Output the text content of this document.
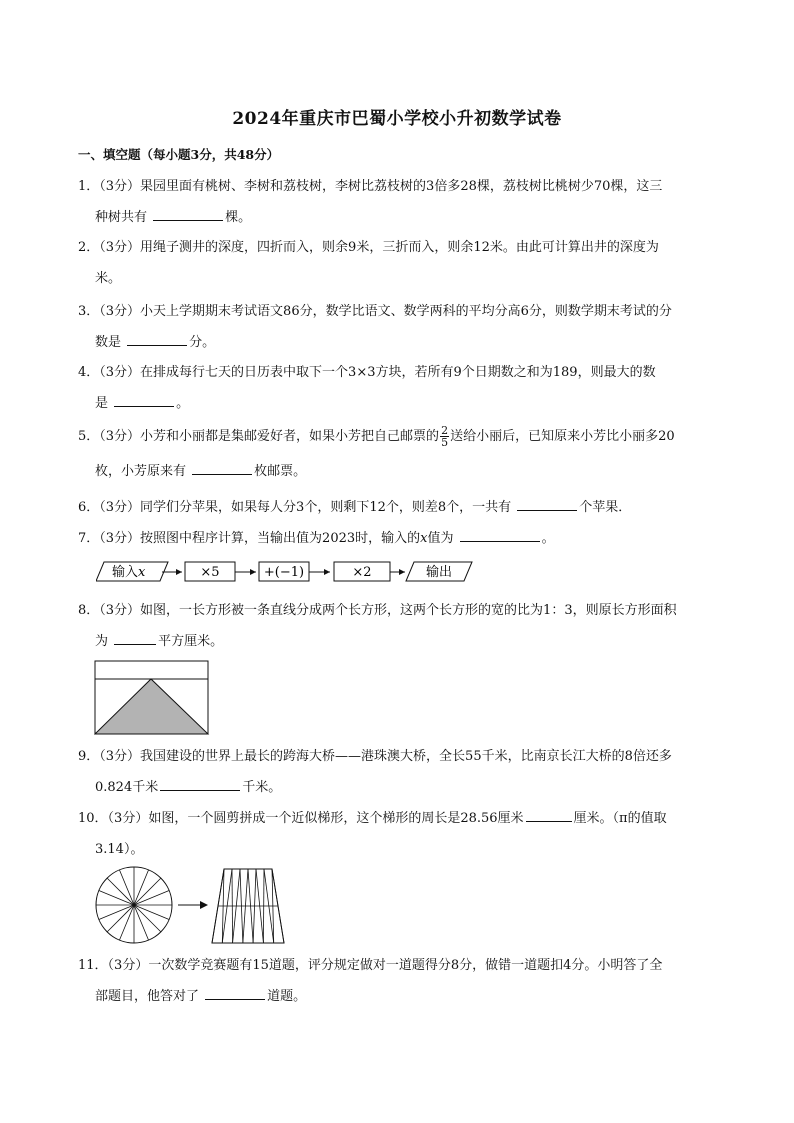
2024年重庆市巴蜀小学校小升初数学试卷
一、填空题（每小题3分，共48分）
1．（3分）果园里面有桃树、李树和荔枝树，李树比荔枝树的3倍多28棵，荔枝树比桃树少70棵，这三
种树共有	棵。
2．（3分）用绳子测井的深度，四折而入，则余9米，三折而入，则余12米。由此可计算出井的深度为
米。
3．（3分）小天上学期期末考试语文86分，数学比语文、数学两科的平均分高6分，则数学期末考试的分
数是	分。
4．（3分）在排成每行七天的日历表中取下一个3×3方块，若所有9个日期数之和为189，则最大的数
是	。
5．（3分）小芳和小丽都是集邮爱好者，如果小芳把自己邮票的 $\frac{2}{5}$ 送给小丽后，已知原来小芳比小丽多20
枚，小芳原来有	枚邮票。
6．（3分）同学们分苹果，如果每人分3个，则剩下12个，则差8个，一共有	个苹果．
7．（3分）按照图中程序计算，当输出值为2023时，输入的x值为	。
输入x	×5	+(−1)	×2	输出
8．（3分）如图，一长方形被一条直线分成两个长方形，这两个长方形的宽的比为1：3，则原长方形面积
为	平方厘米。
9．（3分）我国建设的世界上最长的跨海大桥——港珠澳大桥，全长55千米，比南京长江大桥的8倍还多
0.824千米	千米。
10．（3分）如图，一个圆剪拼成一个近似梯形，这个梯形的周长是28.56厘米	厘米。（π的值取
3.14）。
11．（3分）一次数学竞赛题有15道题，评分规定做对一道题得分8分，做错一道题扣4分。小明答了全
部题目，他答对了	道题。
